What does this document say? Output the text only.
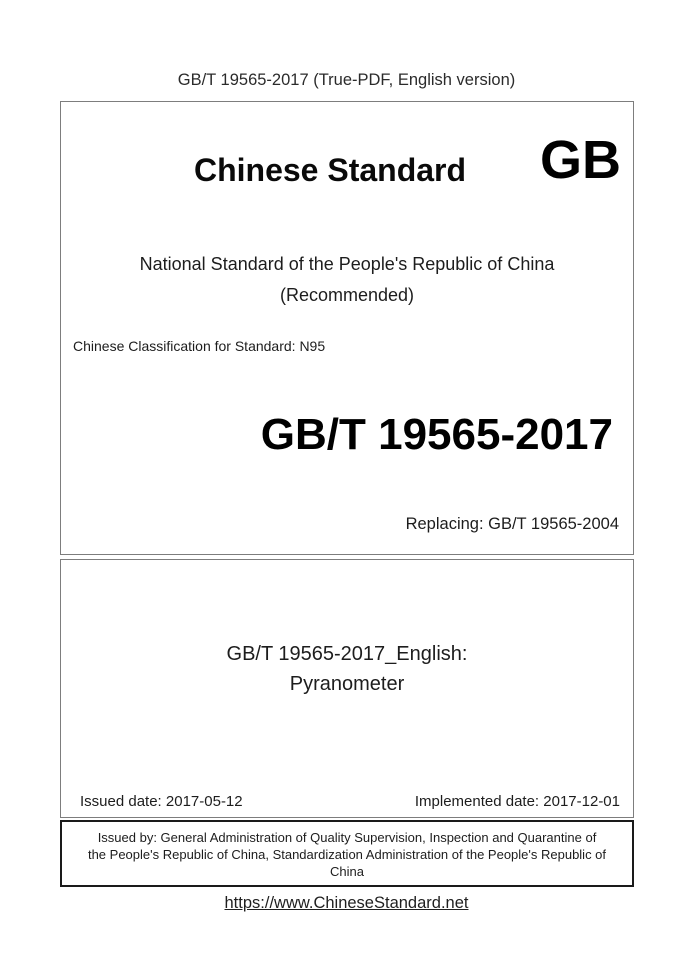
GB/T 19565-2017 (True-PDF, English version)
Chinese Standard	GB
National Standard of the People's Republic of China
(Recommended)
Chinese Classification for Standard: N95
GB/T 19565-2017
Replacing: GB/T 19565-2004
GB/T 19565-2017_English:
Pyranometer
Issued date: 2017-05-12	Implemented date: 2017-12-01
Issued by: General Administration of Quality Supervision, Inspection and Quarantine of
the People's Republic of China, Standardization Administration of the People's Republic of
China
https://www.ChineseStandard.net
